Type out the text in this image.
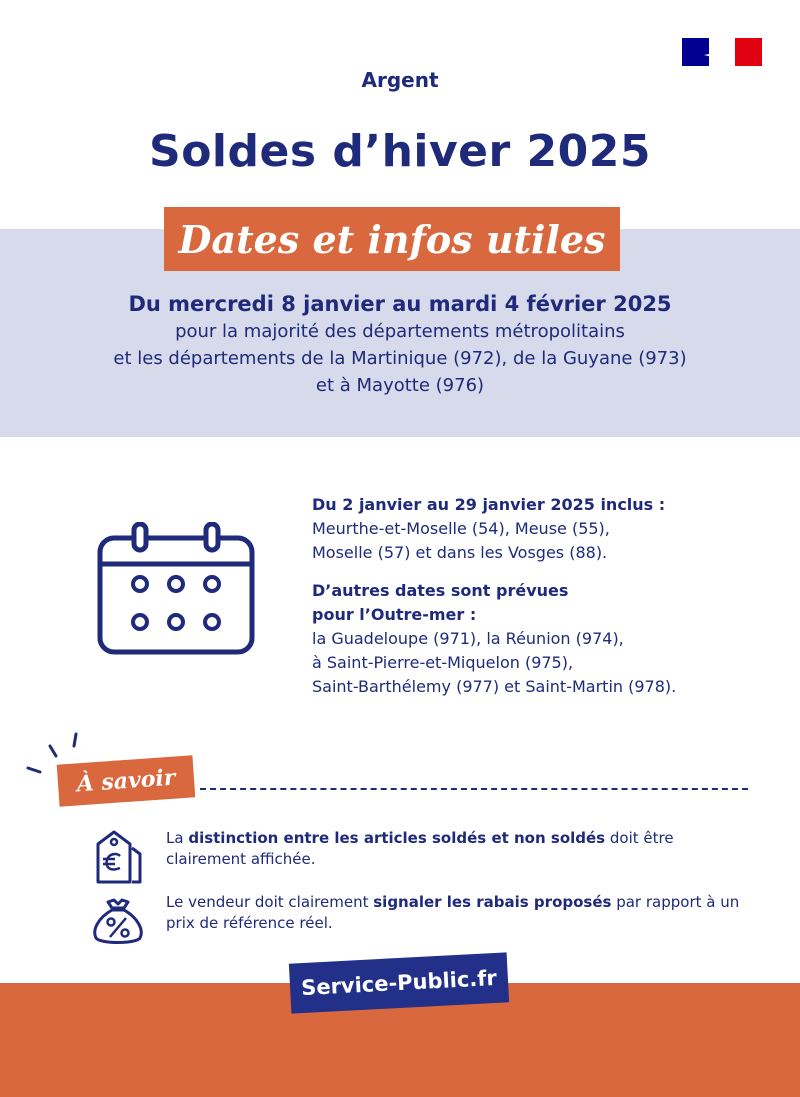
Argent
Soldes d’hiver 2025
Dates et infos utiles
Du mercredi 8 janvier au mardi 4 février 2025
pour la majorité des départements métropolitains
et les départements de la Martinique (972), de la Guyane (973)
et à Mayotte (976)
Du 2 janvier au 29 janvier 2025 inclus :
Meurthe-et-Moselle (54), Meuse (55),
Moselle (57) et dans les Vosges (88).
D’autres dates sont prévues
pour l’Outre-mer :
la Guadeloupe (971), la Réunion (974),
à Saint-Pierre-et-Miquelon (975),
Saint-Barthélemy (977) et Saint-Martin (978).
À savoir
La distinction entre les articles soldés et non soldés doit être clairement affichée.
Le vendeur doit clairement signaler les rabais proposés par rapport à un prix de référence réel.
Service-Public.fr
